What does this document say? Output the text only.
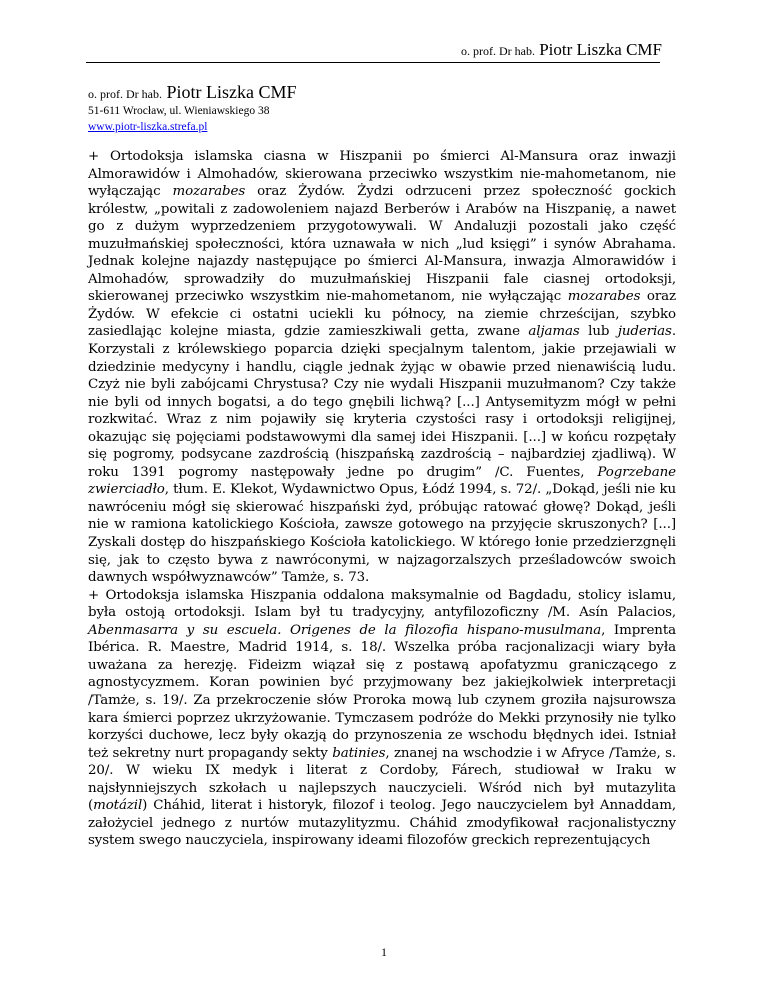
o. prof. Dr hab. Piotr Liszka CMF
o. prof. Dr hab. Piotr Liszka CMF
51-611 Wrocław, ul. Wieniawskiego 38
www.piotr-liszka.strefa.pl

+ Ortodoksja islamska ciasna w Hiszpanii po śmierci Al-Mansura oraz inwazji Almorawidów i Almohadów, skierowana przeciwko wszystkim nie-mahometanom, nie wyłączając mozarabes oraz Żydów. Żydzi odrzuceni przez społeczność gockich królestw, „powitali z zadowoleniem najazd Berberów i Arabów na Hiszpanię, a nawet go z dużym wyprzedzeniem przygotowywali. W Andaluzji pozostali jako część muzułmańskiej społeczności, która uznawała w nich „lud księgi” i synów Abrahama. Jednak kolejne najazdy następujące po śmierci Al-Mansura, inwazja Almorawidów i Almohadów, sprowadziły do muzułmańskiej Hiszpanii fale ciasnej ortodoksji, skierowanej przeciwko wszystkim nie-mahometanom, nie wyłączając mozarabes oraz Żydów. W efekcie ci ostatni uciekli ku północy, na ziemie chrześcijan, szybko zasiedlając kolejne miasta, gdzie zamieszkiwali getta, zwane aljamas lub juderias. Korzystali z królewskiego poparcia dzięki specjalnym talentom, jakie przejawiali w dziedzinie medycyny i handlu, ciągle jednak żyjąc w obawie przed nienawiścią ludu. Czyż nie byli zabójcami Chrystusa? Czy nie wydali Hiszpanii muzułmanom? Czy także nie byli od innych bogatsi, a do tego gnębili lichwą? [...] Antysemityzm mógł w pełni rozkwitać. Wraz z nim pojawiły się kryteria czystości rasy i ortodoksji religijnej, okazując się pojęciami podstawowymi dla samej idei Hiszpanii. [...] w końcu rozpętały się pogromy, podsycane zazdrością (hiszpańską zazdrością – najbardziej zjadliwą). W roku 1391 pogromy następowały jedne po drugim” /C. Fuentes, Pogrzebane zwierciadło, tłum. E. Klekot, Wydawnictwo Opus, Łódź 1994, s. 72/. „Dokąd, jeśli nie ku nawróceniu mógł się skierować hiszpański żyd, próbując ratować głowę? Dokąd, jeśli nie w ramiona katolickiego Kościoła, zawsze gotowego na przyjęcie skruszonych? [...] Zyskali dostęp do hiszpańskiego Kościoła katolickiego. W którego łonie przedzierzgnęli się, jak to często bywa z nawróconymi, w najzagorzalszych prześladowców swoich dawnych współwyznawców” Tamże, s. 73.

+ Ortodoksja islamska Hiszpania oddalona maksymalnie od Bagdadu, stolicy islamu, była ostoją ortodoksji. Islam był tu tradycyjny, antyfilozoficzny /M. Asín Palacios, Abenmasarra y su escuela. Origenes de la filozofia hispano-musulmana, Imprenta Ibérica. R. Maestre, Madrid 1914, s. 18/. Wszelka próba racjonalizacji wiary była uważana za herezję. Fideizm wiązał się z postawą apofatyzmu graniczącego z agnostycyzmem. Koran powinien być przyjmowany bez jakiejkolwiek interpretacji /Tamże, s. 19/. Za przekroczenie słów Proroka mową lub czynem groziła najsurowsza kara śmierci poprzez ukrzyżowanie. Tymczasem podróże do Mekki przynosiły nie tylko korzyści duchowe, lecz były okazją do przynoszenia ze wschodu błędnych idei. Istniał też sekretny nurt propagandy sekty batinies, znanej na wschodzie i w Afryce /Tamże, s. 20/. W wieku IX medyk i literat z Cordoby, Fárech, studiował w Iraku w najsłynniejszych szkołach u najlepszych nauczycieli. Wśród nich był mutazylita (motázil) Cháhid, literat i historyk, filozof i teolog. Jego nauczycielem był Annaddam, założyciel jednego z nurtów mutazylityzmu. Cháhid zmodyfikował racjonalistyczny system swego nauczyciela, inspirowany ideami filozofów greckich reprezentujących

1
